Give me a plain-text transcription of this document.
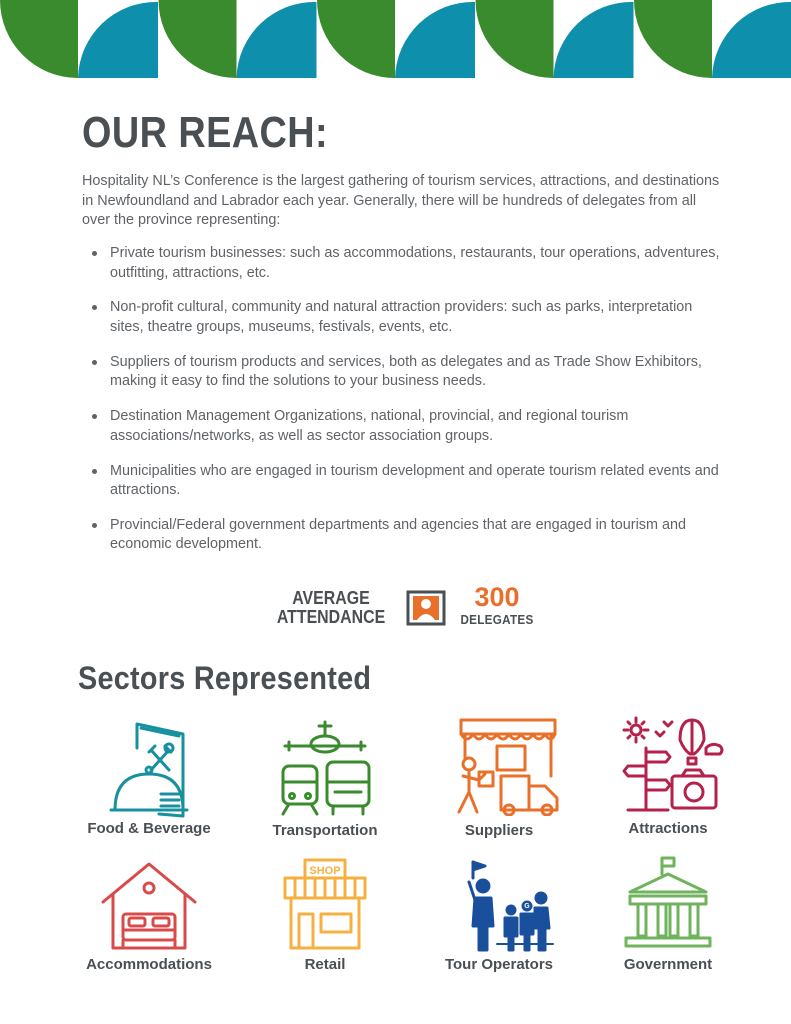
OUR REACH:

Hospitality NL’s Conference is the largest gathering of tourism services, attractions, and destinations in Newfoundland and Labrador each year. Generally, there will be hundreds of delegates from all over the province representing:

Private tourism businesses: such as accommodations, restaurants, tour operations, adventures, outfitting, attractions, etc.
Non-profit cultural, community and natural attraction providers: such as parks, interpretation sites, theatre groups, museums, festivals, events, etc.
Suppliers of tourism products and services, both as delegates and as Trade Show Exhibitors, making it easy to find the solutions to your business needs.
Destination Management Organizations, national, provincial, and regional tourism associations/networks, as well as sector association groups.
Municipalities who are engaged in tourism development and operate tourism related events and attractions.
Provincial/Federal government departments and agencies that are engaged in tourism and economic development.
AVERAGE
ATTENDANCE
300
DELEGATES
Sectors Represented
Food & Beverage	Transportation	Suppliers	Attractions
Accommodations
SHOP
Retail
G
Tour Operators	Government
